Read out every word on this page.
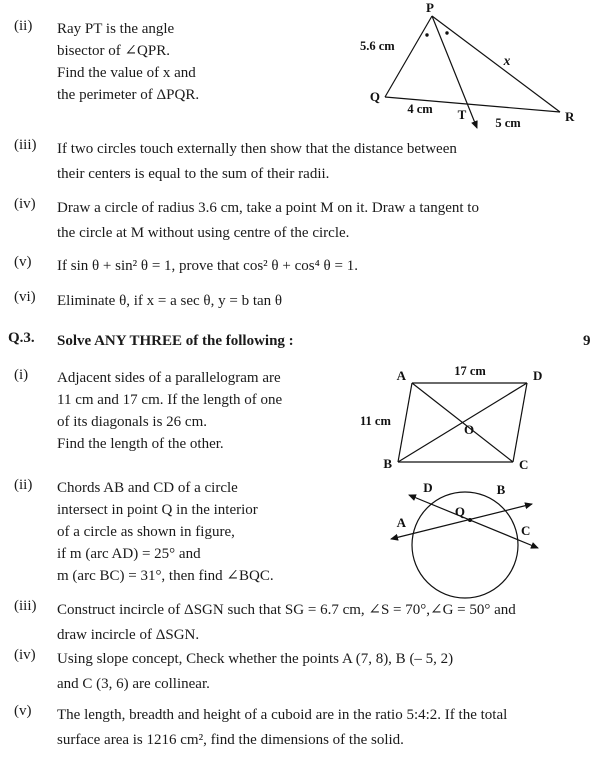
(ii) Ray PT is the angle
bisector of ∠QPR.
Find the value of x and
the perimeter of ΔPQR.
P
Q
R
T
5.6 cm
x
4 cm
5 cm
(iii) If two circles touch externally then show that the distance between
their centers is equal to the sum of their radii.
(iv) Draw a circle of radius 3.6 cm, take a point M on it. Draw a tangent to
the circle at M without using centre of the circle.
(v) If sin θ + sin² θ = 1, prove that cos² θ + cos⁴ θ = 1.
(vi) Eliminate θ, if x = a sec θ, y = b tan θ
Q.3. Solve ANY THREE of the following :	9
(i) Adjacent sides of a parallelogram are
11 cm and 17 cm. If the length of one
of its diagonals is 26 cm.
Find the length of the other.
A	D
B	C
O
17 cm
11 cm
(ii) Chords AB and CD of a circle
intersect in point Q in the interior
of a circle as shown in figure,
if m (arc AD) = 25° and
m (arc BC) = 31°, then find ∠BQC.
D	B
A
Q
C
(iii) Construct incircle of ΔSGN such that SG = 6.7 cm, ∠S = 70°,∠G = 50° and
draw incircle of ΔSGN.
(iv) Using slope concept, Check whether the points A (7, 8), B (– 5, 2)
and C (3, 6) are collinear.
(v) The length, breadth and height of a cuboid are in the ratio 5:4:2. If the total
surface area is 1216 cm², find the dimensions of the solid.
